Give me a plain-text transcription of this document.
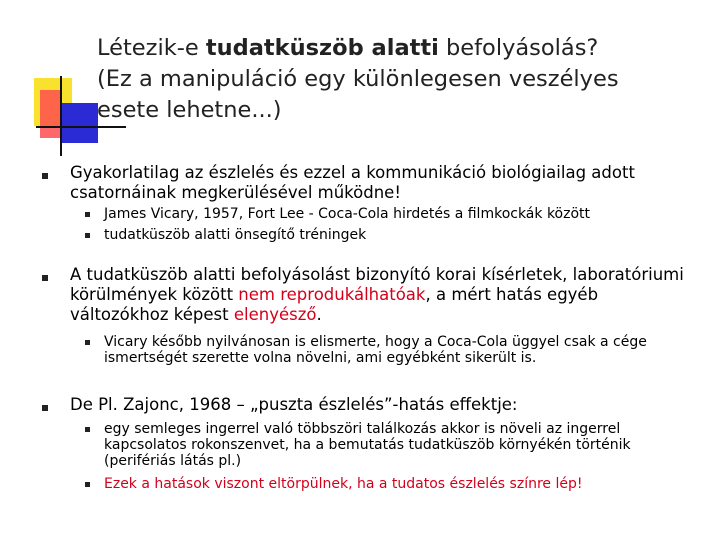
Létezik-e tudatküszöb alatti befolyásolás?
(Ez a manipuláció egy különlegesen veszélyes
esete lehetne...)
Gyakorlatilag az észlelés és ezzel a kommunikáció biológiailag adott csatornáinak megkerülésével működne!
James Vicary, 1957, Fort Lee - Coca-Cola hirdetés a filmkockák között
tudatküszöb alatti önsegítő tréningek
A tudatküszöb alatti befolyásolást bizonyító korai kísérletek, laboratóriumi körülmények között nem reprodukálhatóak, a mért hatás egyéb változókhoz képest elenyésző.
Vicary később nyilvánosan is elismerte, hogy a Coca-Cola üggyel csak a cége ismertségét szerette volna növelni, ami egyébként sikerült is.
De Pl. Zajonc, 1968 – „puszta észlelés”-hatás effektje:
egy semleges ingerrel való többszöri találkozás akkor is növeli az ingerrel kapcsolatos rokonszenvet, ha a bemutatás tudatküszöb környékén történik (perifériás látás pl.)
Ezek a hatások viszont eltörpülnek, ha a tudatos észlelés színre lép!
